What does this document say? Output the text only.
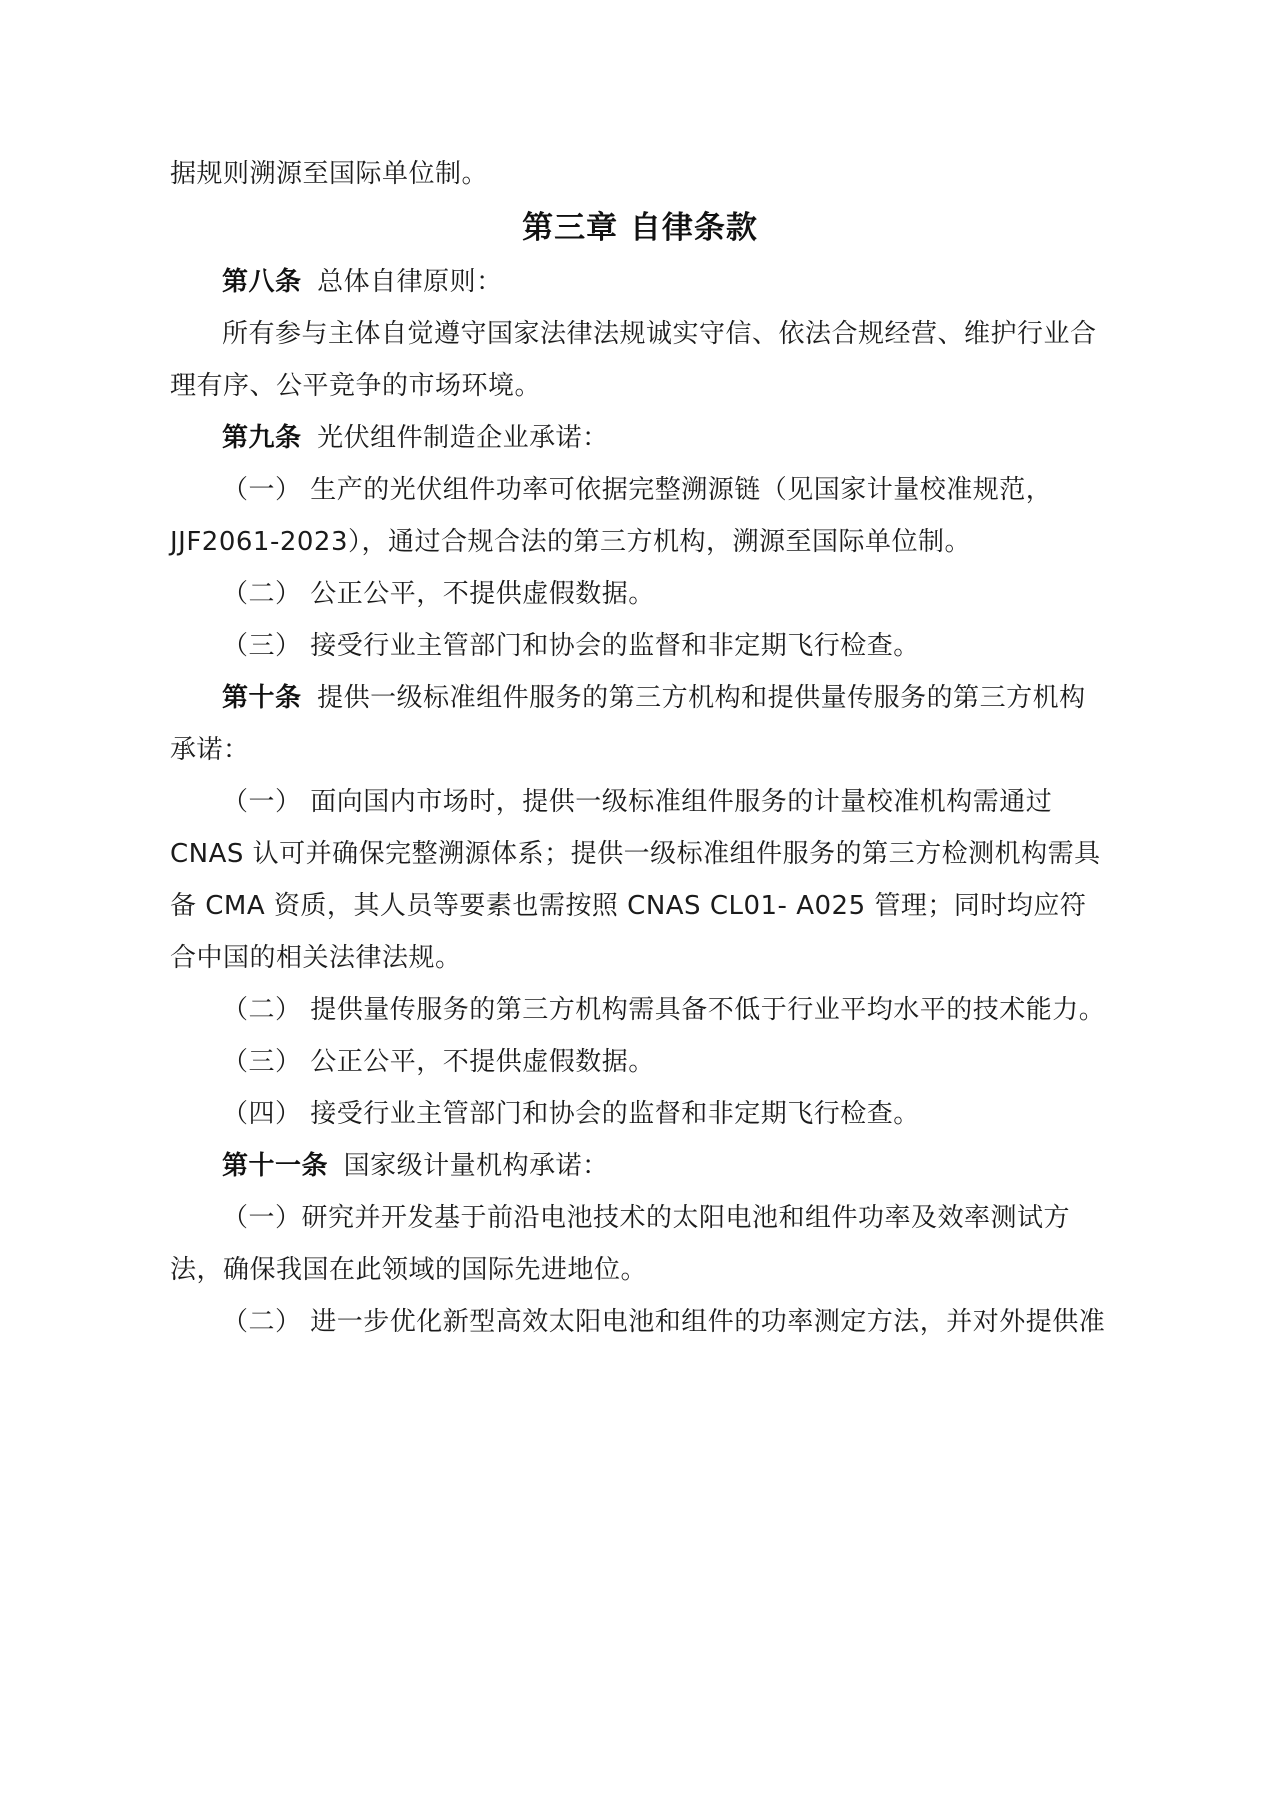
据规则溯源至国际单位制。

第三章 自律条款

第八条 总体自律原则：

所有参与主体自觉遵守国家法律法规诚实守信、依法合规经营、维护行业合理有序、公平竞争的市场环境。

第九条 光伏组件制造企业承诺：

（一） 生产的光伏组件功率可依据完整溯源链（见国家计量校准规范，JJF2061-2023），通过合规合法的第三方机构，溯源至国际单位制。

（二） 公正公平，不提供虚假数据。

（三） 接受行业主管部门和协会的监督和非定期飞行检查。

第十条 提供一级标准组件服务的第三方机构和提供量传服务的第三方机构承诺：

（一） 面向国内市场时，提供一级标准组件服务的计量校准机构需通过 CNAS 认可并确保完整溯源体系；提供一级标准组件服务的第三方检测机构需具备 CMA 资质，其人员等要素也需按照 CNAS CL01- A025 管理；同时均应符合中国的相关法律法规。

（二） 提供量传服务的第三方机构需具备不低于行业平均水平的技术能力。

（三） 公正公平，不提供虚假数据。

（四） 接受行业主管部门和协会的监督和非定期飞行检查。

第十一条 国家级计量机构承诺：

（一）研究并开发基于前沿电池技术的太阳电池和组件功率及效率测试方法，确保我国在此领域的国际先进地位。

（二） 进一步优化新型高效太阳电池和组件的功率测定方法，并对外提供准
